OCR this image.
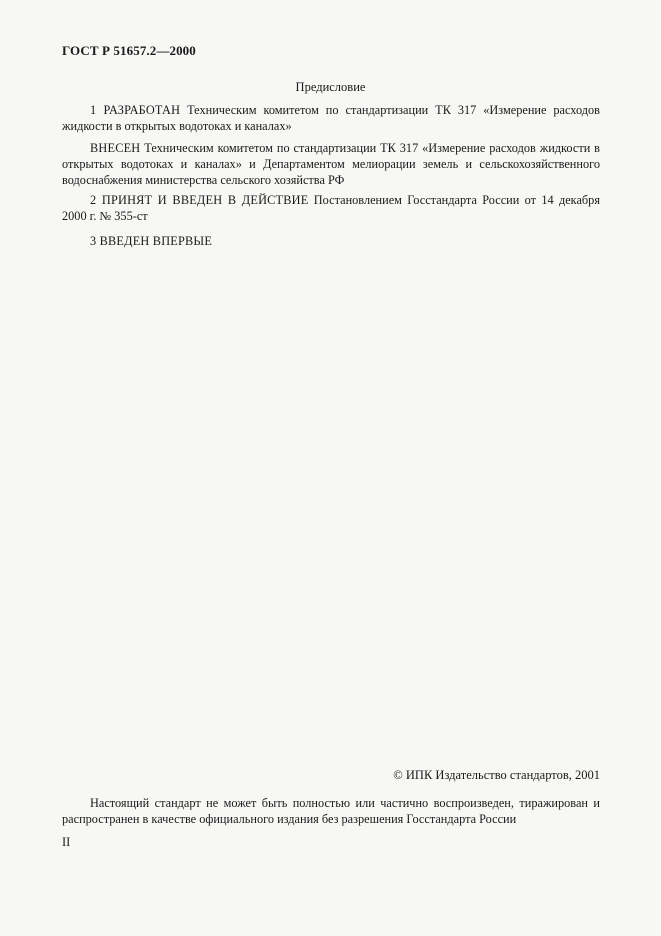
ГОСТ Р 51657.2—2000
Предисловие
1 РАЗРАБОТАН Техническим комитетом по стандартизации ТК 317 «Измерение расходов жидкости в открытых водотоках и каналах»
ВНЕСЕН Техническим комитетом по стандартизации ТК 317 «Измерение расходов жидкости в открытых водотоках и каналах» и Департаментом мелиорации земель и сельскохозяйственного водоснабжения министерства сельского хозяйства РФ
2 ПРИНЯТ И ВВЕДЕН В ДЕЙСТВИЕ Постановлением Госстандарта России от 14 декабря 2000 г. № 355-ст
3 ВВЕДЕН ВПЕРВЫЕ
© ИПК Издательство стандартов, 2001
Настоящий стандарт не может быть полностью или частично воспроизведен, тиражирован и распространен в качестве официального издания без разрешения Госстандарта России
II
